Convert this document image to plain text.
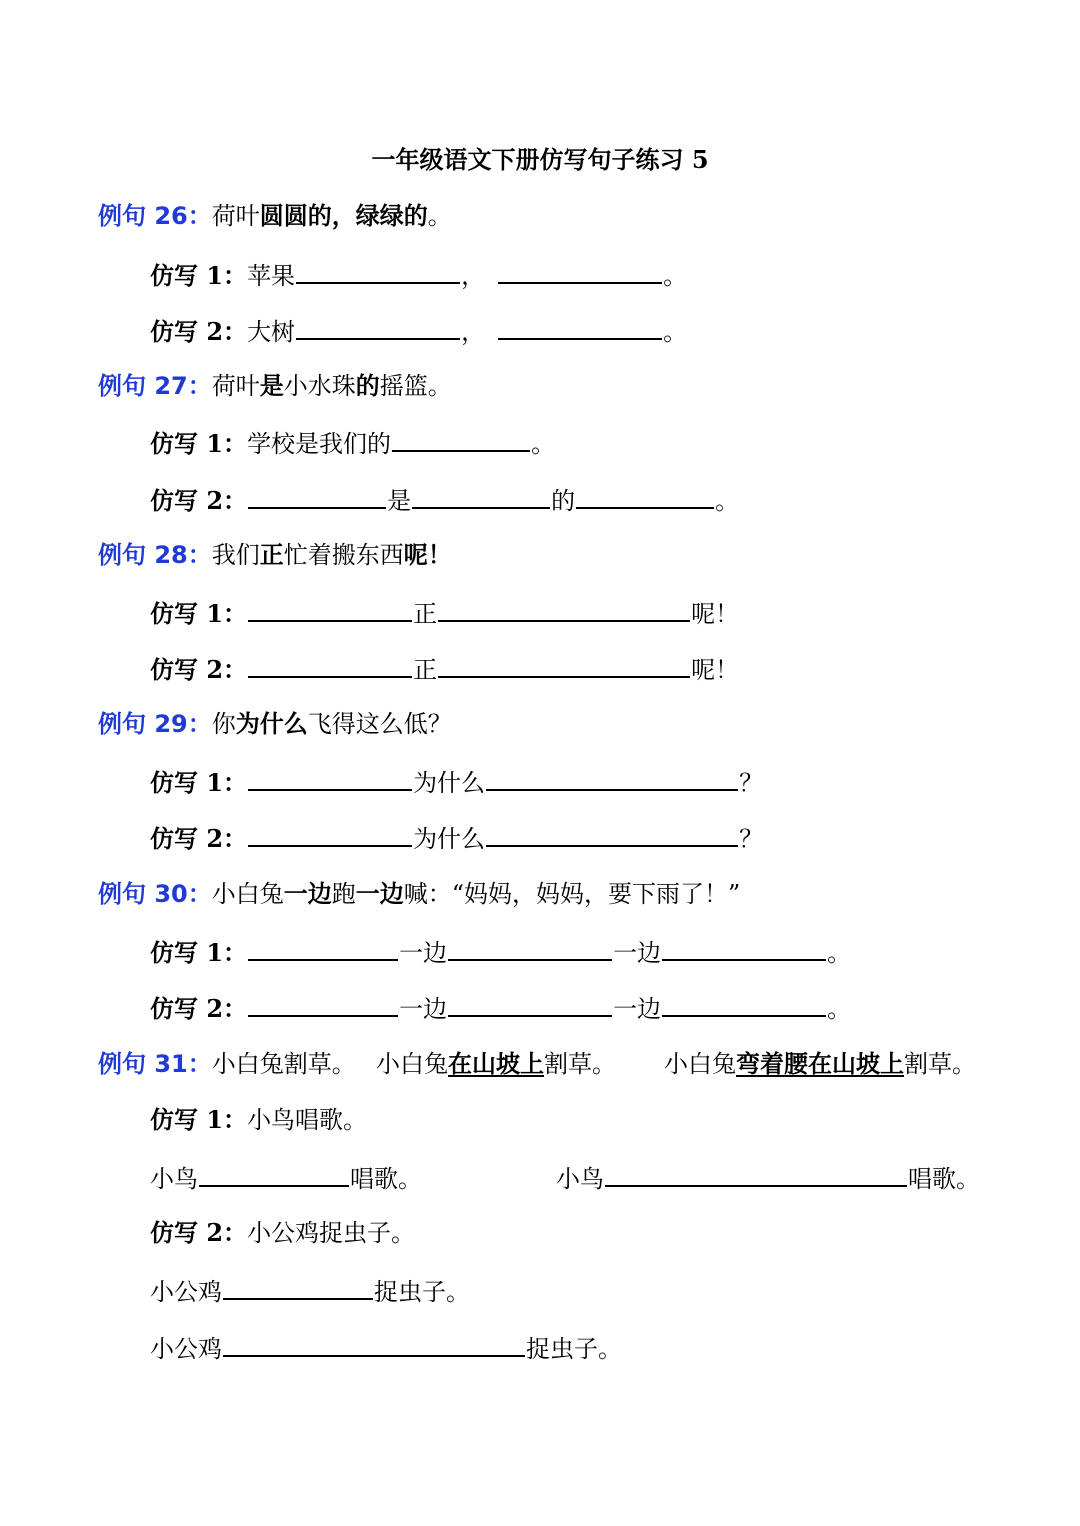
一年级语文下册仿写句子练习 5
例句 26：荷叶圆圆的，绿绿的。
仿写 1：苹果	，	。
仿写 2：大树	，	。
例句 27：荷叶是小水珠的摇篮。
仿写 1：学校是我们的	。
仿写 2：	是	的	。
例句 28：我们正忙着搬东西呢！
仿写 1：	正	呢！
仿写 2：	正	呢！
例句 29：你为什么飞得这么低？
仿写 1：	为什么	？
仿写 2：	为什么	？
例句 30：小白兔一边跑一边喊：“妈妈，妈妈，要下雨了！”
仿写 1：	一边	一边	。
仿写 2：	一边	一边	。
例句 31：小白兔割草。 小白兔在山坡上割草。 小白兔弯着腰在山坡上割草。
仿写 1：小鸟唱歌。
小鸟	唱歌。	小鸟	唱歌。
仿写 2：小公鸡捉虫子。
小公鸡	捉虫子。
小公鸡	捉虫子。
